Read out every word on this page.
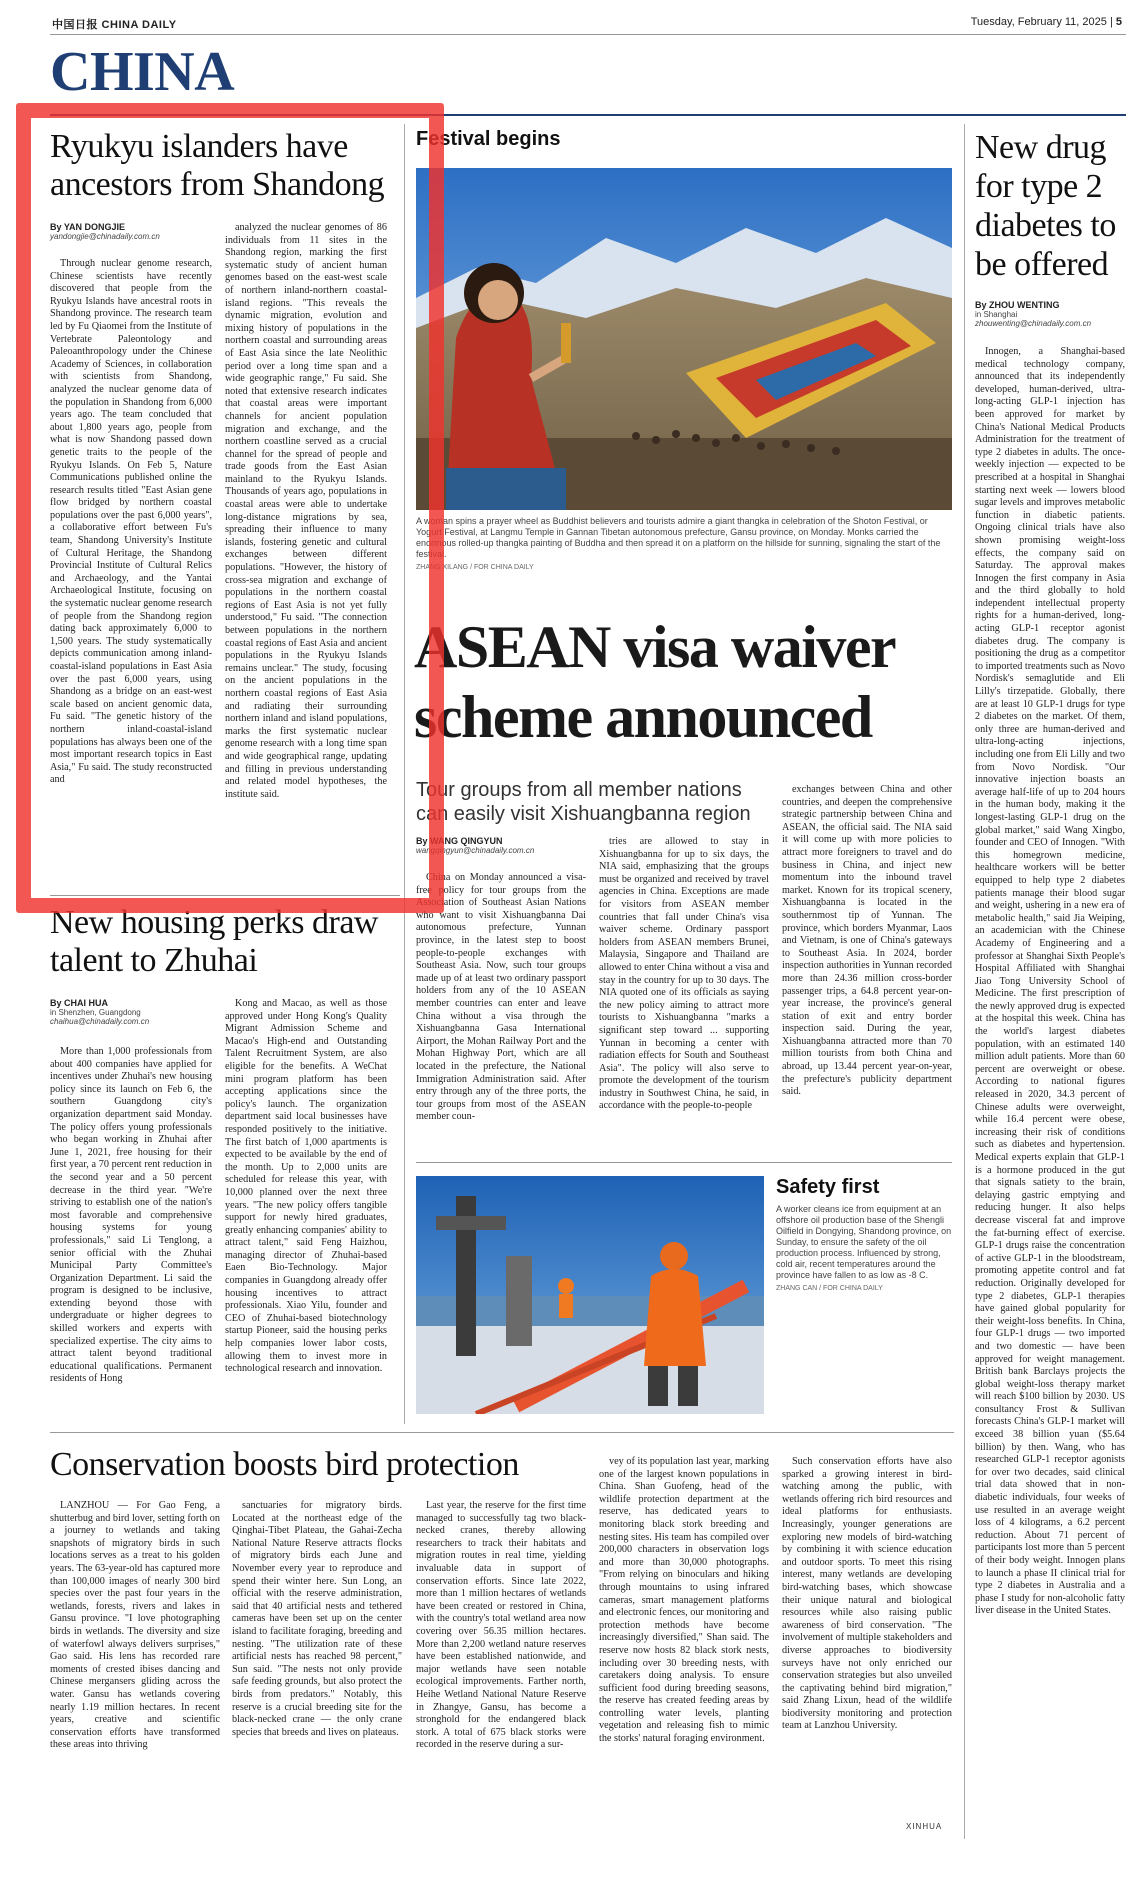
中国日报 CHINA DAILY	Tuesday, February 11, 2025 | 5
CHINA
Ryukyu islanders have ancestors from Shandong
By YAN DONGJIE
yandongjie@chinadaily.com.cn

Through nuclear genome research, Chinese scientists have recently discovered that people from the Ryukyu Islands have ancestral roots in Shandong province. The research team led by Fu Qiaomei from the Institute of Vertebrate Paleontology and Paleoanthropology under the Chinese Academy of Sciences, in collaboration with scientists from Shandong, analyzed the nuclear genome data of the population in Shandong from 6,000 years ago. The team concluded that about 1,800 years ago, people from what is now Shandong passed down genetic traits to the people of the Ryukyu Islands. On Feb 5, Nature Communications published online the research results titled "East Asian gene flow bridged by northern coastal populations over the past 6,000 years", a collaborative effort between Fu's team, Shandong University's Institute of Cultural Heritage, the Shandong Provincial Institute of Cultural Relics and Archaeology, and the Yantai Archaeological Institute, focusing on the systematic nuclear genome research of people from the Shandong region dating back approximately 6,000 to 1,500 years. The study systematically depicts communication among inland-coastal-island populations in East Asia over the past 6,000 years, using Shandong as a bridge on an east-west scale based on ancient genomic data, Fu said. "The genetic history of the northern inland-coastal-island populations has always been one of the most important research topics in East Asia," Fu said. The study reconstructed and

analyzed the nuclear genomes of 86 individuals from 11 sites in the Shandong region, marking the first systematic study of ancient human genomes based on the east-west scale of northern inland-northern coastal-island regions. "This reveals the dynamic migration, evolution and mixing history of populations in the northern coastal and surrounding areas of East Asia since the late Neolithic period over a long time span and a wide geographic range," Fu said. She noted that extensive research indicates that coastal areas were important channels for ancient population migration and exchange, and the northern coastline served as a crucial channel for the spread of people and trade goods from the East Asian mainland to the Ryukyu Islands. Thousands of years ago, populations in coastal areas were able to undertake long-distance migrations by sea, spreading their influence to many islands, fostering genetic and cultural exchanges between different populations. "However, the history of cross-sea migration and exchange of populations in the northern coastal regions of East Asia is not yet fully understood," Fu said. "The connection between populations in the northern coastal regions of East Asia and ancient populations in the Ryukyu Islands remains unclear." The study, focusing on the ancient populations in the northern coastal regions of East Asia and radiating their surrounding northern inland and island populations, marks the first systematic nuclear genome research with a long time span and wide geographical range, updating and filling in previous understanding and related model hypotheses, the institute said.

New housing perks draw talent to Zhuhai
By CHAI HUA
in Shenzhen, Guangdong
chaihua@chinadaily.com.cn

More than 1,000 professionals from about 400 companies have applied for incentives under Zhuhai's new housing policy since its launch on Feb 6, the southern Guangdong city's organization department said Monday. The policy offers young professionals who began working in Zhuhai after June 1, 2021, free housing for their first year, a 70 percent rent reduction in the second year and a 50 percent decrease in the third year. "We're striving to establish one of the nation's most favorable and comprehensive housing systems for young professionals," said Li Tenglong, a senior official with the Zhuhai Municipal Party Committee's Organization Department. Li said the program is designed to be inclusive, extending beyond those with undergraduate or higher degrees to skilled workers and experts with specialized expertise. The city aims to attract talent beyond traditional educational qualifications. Permanent residents of Hong

Kong and Macao, as well as those approved under Hong Kong's Quality Migrant Admission Scheme and Macao's High-end and Outstanding Talent Recruitment System, are also eligible for the benefits. A WeChat mini program platform has been accepting applications since the policy's launch. The organization department said local businesses have responded positively to the initiative. The first batch of 1,000 apartments is expected to be available by the end of the month. Up to 2,000 units are scheduled for release this year, with 10,000 planned over the next three years. "The new policy offers tangible support for newly hired graduates, greatly enhancing companies' ability to attract talent," said Feng Haizhou, managing director of Zhuhai-based Eaen Bio-Technology. Major companies in Guangdong already offer housing incentives to attract professionals. Xiao Yilu, founder and CEO of Zhuhai-based biotechnology startup Pioneer, said the housing perks help companies lower labor costs, allowing them to invest more in technological research and innovation.

Festival begins
A woman spins a prayer wheel as Buddhist believers and tourists admire a giant thangka in celebration of the Shoton Festival, or Yogurt Festival, at Langmu Temple in Gannan Tibetan autonomous prefecture, Gansu province, on Monday. Monks carried the enormous rolled-up thangka painting of Buddha and then spread it on a platform on the hillside for sunning, signaling the start of the festival.
ZHANG XILANG / FOR CHINA DAILY
ASEAN visa waiver scheme announced
Tour groups from all member nations can easily visit Xishuangbanna region
By WANG QINGYUN
wangqingyun@chinadaily.com.cn

China on Monday announced a visa-free policy for tour groups from the Association of Southeast Asian Nations who want to visit Xishuangbanna Dai autonomous prefecture, Yunnan province, in the latest step to boost people-to-people exchanges with Southeast Asia. Now, such tour groups made up of at least two ordinary passport holders from any of the 10 ASEAN member countries can enter and leave China without a visa through the Xishuangbanna Gasa International Airport, the Mohan Railway Port and the Mohan Highway Port, which are all located in the prefecture, the National Immigration Administration said. After entry through any of the three ports, the tour groups from most of the ASEAN member coun-

tries are allowed to stay in Xishuangbanna for up to six days, the NIA said, emphasizing that the groups must be organized and received by travel agencies in China. Exceptions are made for visitors from ASEAN member countries that fall under China's visa waiver scheme. Ordinary passport holders from ASEAN members Brunei, Malaysia, Singapore and Thailand are allowed to enter China without a visa and stay in the country for up to 30 days. The NIA quoted one of its officials as saying the new policy aiming to attract more tourists to Xishuangbanna "marks a significant step toward ... supporting Yunnan in becoming a center with radiation effects for South and Southeast Asia". The policy will also serve to promote the development of the tourism industry in Southwest China, he said, in accordance with the people-to-people

exchanges between China and other countries, and deepen the comprehensive strategic partnership between China and ASEAN, the official said. The NIA said it will come up with more policies to attract more foreigners to travel and do business in China, and inject new momentum into the inbound travel market. Known for its tropical scenery, Xishuangbanna is located in the southernmost tip of Yunnan. The province, which borders Myanmar, Laos and Vietnam, is one of China's gateways to Southeast Asia. In 2024, border inspection authorities in Yunnan recorded more than 24.36 million cross-border passenger trips, a 64.8 percent year-on-year increase, the province's general station of exit and entry border inspection said. During the year, Xishuangbanna attracted more than 70 million tourists from both China and abroad, up 13.44 percent year-on-year, the prefecture's publicity department said.

Safety first
A worker cleans ice from equipment at an offshore oil production base of the Shengli Oilfield in Dongying, Shandong province, on Sunday, to ensure the safety of the oil production process. Influenced by strong, cold air, recent temperatures around the province have fallen to as low as -8 C.
ZHANG CAN / FOR CHINA DAILY
New drug for type 2 diabetes to be offered
By ZHOU WENTING
in Shanghai
zhouwenting@chinadaily.com.cn

Innogen, a Shanghai-based medical technology company, announced that its independently developed, human-derived, ultra-long-acting GLP-1 injection has been approved for market by China's National Medical Products Administration for the treatment of type 2 diabetes in adults. The once-weekly injection — expected to be prescribed at a hospital in Shanghai starting next week — lowers blood sugar levels and improves metabolic function in diabetic patients. Ongoing clinical trials have also shown promising weight-loss effects, the company said on Saturday. The approval makes Innogen the first company in Asia and the third globally to hold independent intellectual property rights for a human-derived, long-acting GLP-1 receptor agonist diabetes drug. The company is positioning the drug as a competitor to imported treatments such as Novo Nordisk's semaglutide and Eli Lilly's tirzepatide. Globally, there are at least 10 GLP-1 drugs for type 2 diabetes on the market. Of them, only three are human-derived and ultra-long-acting injections, including one from Eli Lilly and two from Novo Nordisk. "Our innovative injection boasts an average half-life of up to 204 hours in the human body, making it the longest-lasting GLP-1 drug on the global market," said Wang Xingbo, founder and CEO of Innogen. "With this homegrown medicine, healthcare workers will be better equipped to help type 2 diabetes patients manage their blood sugar and weight, ushering in a new era of metabolic health," said Jia Weiping, an academician with the Chinese Academy of Engineering and a professor at Shanghai Sixth People's Hospital Affiliated with Shanghai Jiao Tong University School of Medicine. The first prescription of the newly approved drug is expected at the hospital this week. China has the world's largest diabetes population, with an estimated 140 million adult patients. More than 60 percent are overweight or obese. According to national figures released in 2020, 34.3 percent of Chinese adults were overweight, while 16.4 percent were obese, increasing their risk of conditions such as diabetes and hypertension. Medical experts explain that GLP-1 is a hormone produced in the gut that signals satiety to the brain, delaying gastric emptying and reducing hunger. It also helps decrease visceral fat and improve the fat-burning effect of exercise. GLP-1 drugs raise the concentration of active GLP-1 in the bloodstream, promoting appetite control and fat reduction. Originally developed for type 2 diabetes, GLP-1 therapies have gained global popularity for their weight-loss benefits. In China, four GLP-1 drugs — two imported and two domestic — have been approved for weight management. British bank Barclays projects the global weight-loss therapy market will reach $100 billion by 2030. US consultancy Frost & Sullivan forecasts China's GLP-1 market will exceed 38 billion yuan ($5.64 billion) by then. Wang, who has researched GLP-1 receptor agonists for over two decades, said clinical trial data showed that in non-diabetic individuals, four weeks of use resulted in an average weight loss of 4 kilograms, a 6.2 percent reduction. About 71 percent of participants lost more than 5 percent of their body weight. Innogen plans to launch a phase II clinical trial for type 2 diabetes in Australia and a phase I study for non-alcoholic fatty liver disease in the United States.

Conservation boosts bird protection

LANZHOU — For Gao Feng, a shutterbug and bird lover, setting forth on a journey to wetlands and taking snapshots of migratory birds in such locations serves as a treat to his golden years. The 63-year-old has captured more than 100,000 images of nearly 300 bird species over the past four years in the wetlands, forests, rivers and lakes in Gansu province. "I love photographing birds in wetlands. The diversity and size of waterfowl always delivers surprises," Gao said. His lens has recorded rare moments of crested ibises dancing and Chinese mergansers gliding across the water. Gansu has wetlands covering nearly 1.19 million hectares. In recent years, creative and scientific conservation efforts have transformed these areas into thriving

sanctuaries for migratory birds. Located at the northeast edge of the Qinghai-Tibet Plateau, the Gahai-Zecha National Nature Reserve attracts flocks of migratory birds each June and November every year to reproduce and spend their winter here. Sun Long, an official with the reserve administration, said that 40 artificial nests and tethered cameras have been set up on the center island to facilitate foraging, breeding and nesting. "The utilization rate of these artificial nests has reached 98 percent," Sun said. "The nests not only provide safe feeding grounds, but also protect the birds from predators." Notably, this reserve is a crucial breeding site for the black-necked crane — the only crane species that breeds and lives on plateaus.

Last year, the reserve for the first time managed to successfully tag two black-necked cranes, thereby allowing researchers to track their habitats and migration routes in real time, yielding invaluable data in support of conservation efforts. Since late 2022, more than 1 million hectares of wetlands have been created or restored in China, with the country's total wetland area now covering over 56.35 million hectares. More than 2,200 wetland nature reserves have been established nationwide, and major wetlands have seen notable ecological improvements. Farther north, Heihe Wetland National Nature Reserve in Zhangye, Gansu, has become a stronghold for the endangered black stork. A total of 675 black storks were recorded in the reserve during a sur-

vey of its population last year, marking one of the largest known populations in China. Shan Guofeng, head of the wildlife protection department at the reserve, has dedicated years to monitoring black stork breeding and nesting sites. His team has compiled over 200,000 characters in observation logs and more than 30,000 photographs. "From relying on binoculars and hiking through mountains to using infrared cameras, smart management platforms and electronic fences, our monitoring and protection methods have become increasingly diversified," Shan said. The reserve now hosts 82 black stork nests, including over 30 breeding nests, with caretakers doing analysis. To ensure sufficient food during breeding seasons, the reserve has created feeding areas by controlling water levels, planting vegetation and releasing fish to mimic the storks' natural foraging environment.

Such conservation efforts have also sparked a growing interest in bird-watching among the public, with wetlands offering rich bird resources and ideal platforms for enthusiasts. Increasingly, younger generations are exploring new models of bird-watching by combining it with science education and outdoor sports. To meet this rising interest, many wetlands are developing bird-watching bases, which showcase their unique natural and biological resources while also raising public awareness of bird conservation. "The involvement of multiple stakeholders and diverse approaches to biodiversity surveys have not only enriched our conservation strategies but also unveiled the captivating behind bird migration," said Zhang Lixun, head of the wildlife biodiversity monitoring and protection team at Lanzhou University.

XINHUA
